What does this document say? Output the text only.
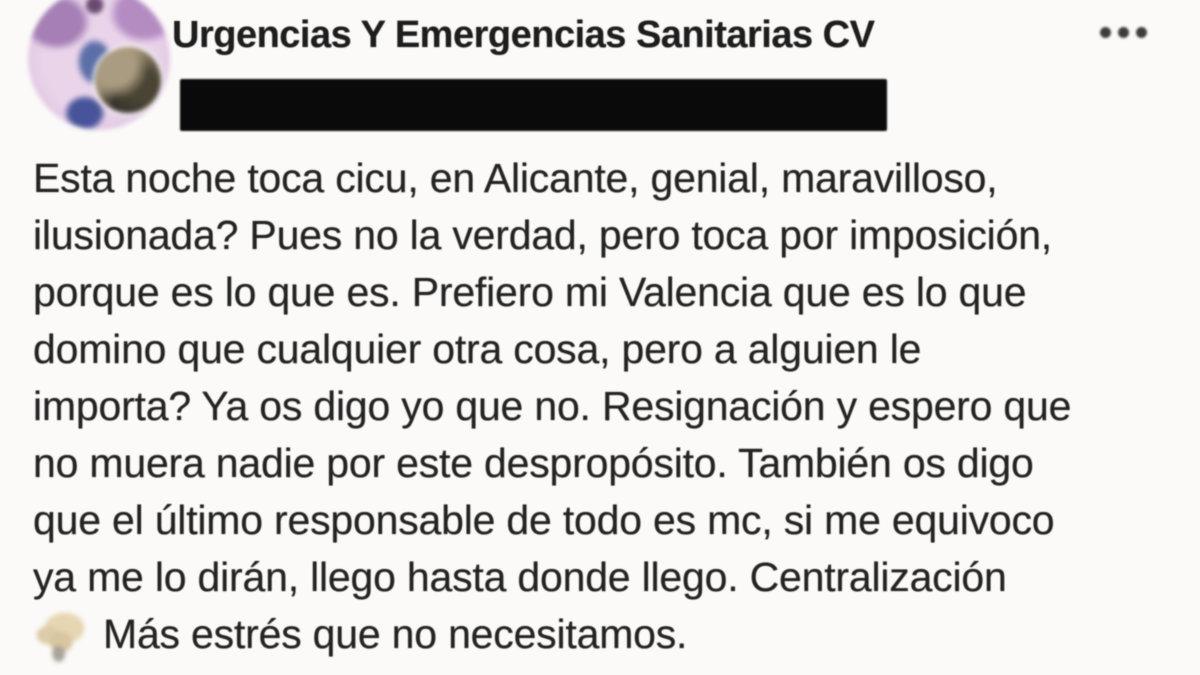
Urgencias Y Emergencias Sanitarias CV
Esta noche toca cicu, en Alicante, genial, maravilloso,
ilusionada? Pues no la verdad, pero toca por imposición,
porque es lo que es. Prefiero mi Valencia que es lo que
domino que cualquier otra cosa, pero a alguien le
importa? Ya os digo yo que no. Resignación y espero que
no muera nadie por este despropósito. También os digo
que el último responsable de todo es mc, si me equivoco
ya me lo dirán, llego hasta donde llego. Centralización
Más estrés que no necesitamos.
